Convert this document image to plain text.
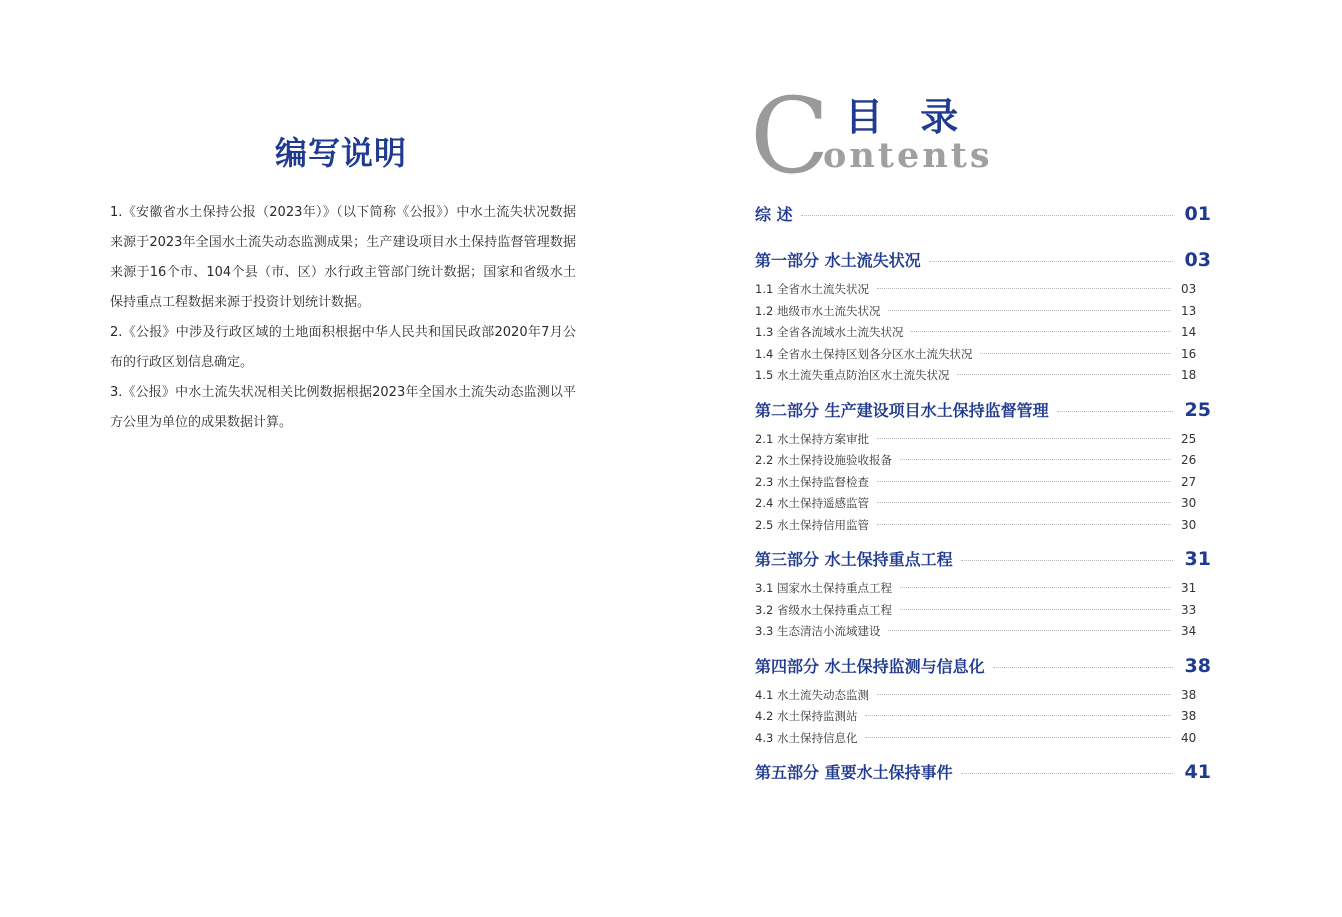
编写说明

1.《安徽省水土保持公报（2023年）》（以下简称《公报》）中水土流失状况数据来源于2023年全国水土流失动态监测成果；生产建设项目水土保持监督管理数据来源于16个市、104个县（市、区）水行政主管部门统计数据；国家和省级水土保持重点工程数据来源于投资计划统计数据。

2.《公报》中涉及行政区域的土地面积根据中华人民共和国民政部2020年7月公布的行政区划信息确定。

3.《公报》中水土流失状况相关比例数据根据2023年全国水土流失动态监测以平方公里为单位的成果数据计算。

C 目 录
ontents
综 述	01
第一部分 水土流失状况	03
1.1 全省水土流失状况	03
1.2 地级市水土流失状况	13
1.3 全省各流域水土流失状况	14
1.4 全省水土保持区划各分区水土流失状况	16
1.5 水土流失重点防治区水土流失状况	18
第二部分 生产建设项目水土保持监督管理	25
2.1 水土保持方案审批	25
2.2 水土保持设施验收报备	26
2.3 水土保持监督检查	27
2.4 水土保持遥感监管	30
2.5 水土保持信用监管	30
第三部分 水土保持重点工程	31
3.1 国家水土保持重点工程	31
3.2 省级水土保持重点工程	33
3.3 生态清洁小流域建设	34
第四部分 水土保持监测与信息化	38
4.1 水土流失动态监测	38
4.2 水土保持监测站	38
4.3 水土保持信息化	40
第五部分 重要水土保持事件	41
